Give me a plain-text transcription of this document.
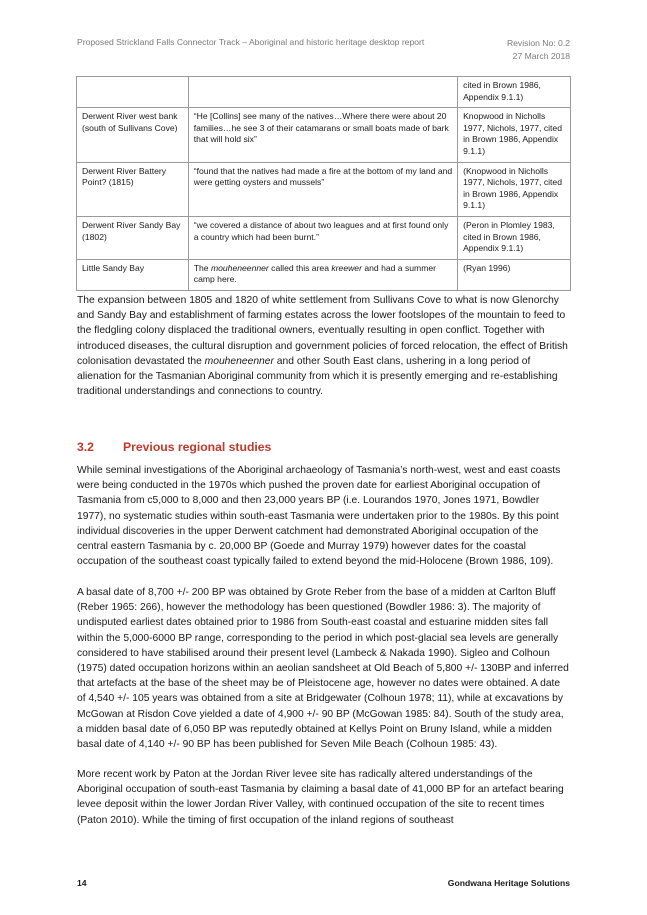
Proposed Strickland Falls Connector Track – Aboriginal and historic heritage desktop report	Revision No: 0.2
27 March 2018
		cited in Brown 1986, Appendix 9.1.1)
Derwent River west bank (south of Sullivans Cove)	“He [Collins] see many of the natives…Where there were about 20 families…he see 3 of their catamarans or small boats made of bark that will hold six”	Knopwood in Nicholls 1977, Nichols, 1977, cited in Brown 1986, Appendix 9.1.1)
Derwent River Battery Point? (1815)	“found that the natives had made a fire at the bottom of my land and were getting oysters and mussels”	(Knopwood in Nicholls 1977, Nichols, 1977, cited in Brown 1986, Appendix 9.1.1)
Derwent River Sandy Bay (1802)	“we covered a distance of about two leagues and at first found only a country which had been burnt.”	(Peron in Plomley 1983, cited in Brown 1986, Appendix 9.1.1)
Little Sandy Bay	The mouheneenner called this area kreewer and had a summer camp here.	(Ryan 1996)

The expansion between 1805 and 1820 of white settlement from Sullivans Cove to what is now Glenorchy and Sandy Bay and establishment of farming estates across the lower footslopes of the mountain to feed to the fledgling colony displaced the traditional owners, eventually resulting in open conflict. Together with introduced diseases, the cultural disruption and government policies of forced relocation, the effect of British colonisation devastated the mouheneenner and other South East clans, ushering in a long period of alienation for the Tasmanian Aboriginal community from which it is presently emerging and re-establishing traditional understandings and connections to country.

3.2 Previous regional studies

While seminal investigations of the Aboriginal archaeology of Tasmania’s north-west, west and east coasts were being conducted in the 1970s which pushed the proven date for earliest Aboriginal occupation of Tasmania from c5,000 to 8,000 and then 23,000 years BP (i.e. Lourandos 1970, Jones 1971, Bowdler 1977), no systematic studies within south-east Tasmania were undertaken prior to the 1980s. By this point individual discoveries in the upper Derwent catchment had demonstrated Aboriginal occupation of the central eastern Tasmania by c. 20,000 BP (Goede and Murray 1979) however dates for the coastal occupation of the southeast coast typically failed to extend beyond the mid-Holocene (Brown 1986, 109).

A basal date of 8,700 +/- 200 BP was obtained by Grote Reber from the base of a midden at Carlton Bluff (Reber 1965: 266), however the methodology has been questioned (Bowdler 1986: 3). The majority of undisputed earliest dates obtained prior to 1986 from South-east coastal and estuarine midden sites fall within the 5,000-6000 BP range, corresponding to the period in which post-glacial sea levels are generally considered to have stabilised around their present level (Lambeck & Nakada 1990). Sigleo and Colhoun (1975) dated occupation horizons within an aeolian sandsheet at Old Beach of 5,800 +/- 130BP and inferred that artefacts at the base of the sheet may be of Pleistocene age, however no dates were obtained. A date of 4,540 +/- 105 years was obtained from a site at Bridgewater (Colhoun 1978; 11), while at excavations by McGowan at Risdon Cove yielded a date of 4,900 +/- 90 BP (McGowan 1985: 84). South of the study area, a midden basal date of 6,050 BP was reputedly obtained at Kellys Point on Bruny Island, while a midden basal date of 4,140 +/- 90 BP has been published for Seven Mile Beach (Colhoun 1985: 43).

More recent work by Paton at the Jordan River levee site has radically altered understandings of the Aboriginal occupation of south-east Tasmania by claiming a basal date of 41,000 BP for an artefact bearing levee deposit within the lower Jordan River Valley, with continued occupation of the site to recent times (Paton 2010). While the timing of first occupation of the inland regions of southeast

14	Gondwana Heritage Solutions
